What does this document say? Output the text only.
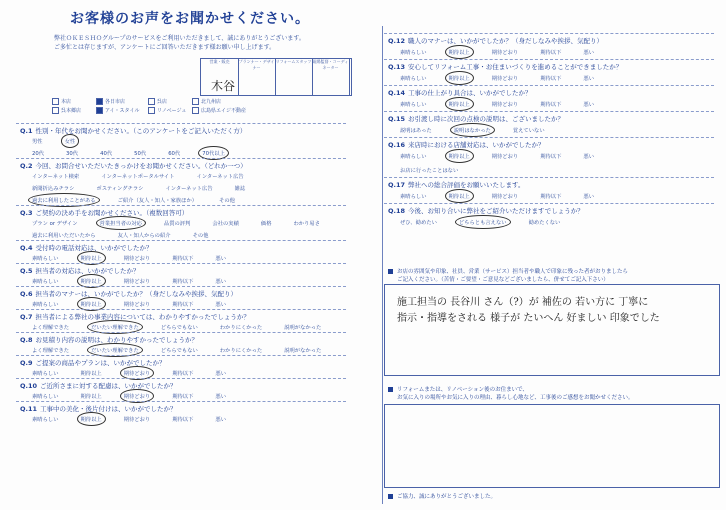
お客様のお声をお聞かせください。
弊社ＯＫＥＳＨＯグループのサービスをご利用いただきまして、誠にありがとうございます。
ご多忙とは存じますが、アンケートにご回答いただきます様お願い申し上げます。
営業・販売	プランナー・デザイナー
リフォームスタッフ 現場監督・コーディネーター
木谷
本店	各日市店	呉店	北九州店
呉本郷店	アイ・スタイル	リノベージュ	広島県エイジ不動産
Q.1 性別・年代をお聞かせください。（このアンケートをご記入いただく方）
男性	女性
20代	30代	40代	50代	60代	70代以上
Q.2 今回、お問合せいただいたきっかけをお聞かせください。（どれか一つ）
インターネット検索	インターネットポータルサイト	インターネット広告
新聞折込みチラシ	ポスティングチラシ	インターネット広告	雑誌
過去に利用したことがある	ご紹介（友人・知人・家族ほか）	その他
Q.3 ご契約の決め手をお聞かせください。（複数回答可）
プラン or デザイン	営業担当者の対応	品質の評判	会社の実績	価格	わかり易さ
過去に利用いただいたから	友人・知人からの紹介	その他
Q.4 受付時の電話対応は、いかがでしたか？
素晴らしい	期待以上	期待どおり	期待以下	悪い
Q.5 担当者の対応は、いかがでしたか？
素晴らしい	期待以上	期待どおり	期待以下	悪い
Q.6 担当者のマナーは、いかがでしたか？（身だしなみや挨拶、気配り）
素晴らしい	期待以上	期待どおり	期待以下	悪い
Q.7 担当者による弊社の事業内容については、わかりやすかったでしょうか？
よく理解できた	だいたい理解できた	どちらでもない	わかりにくかった	説明がなかった
Q.8 お見積り内容の説明は、わかりやすかったでしょうか？
よく理解できた	だいたい理解できた	どちらでもない	わかりにくかった	説明がなかった
Q.9 ご提案の商品やプランは、いかがでしたか？
素晴らしい	期待以上	期待どおり	期待以下	悪い
Q.10 ご近所さまに対する配慮は、いかがでしたか？
素晴らしい	期待以上	期待どおり	期待以下	悪い
Q.11 工事中の美化・後片付けは、いかがでしたか？
素晴らしい	期待以上	期待どおり	期待以下	悪い
Q.12 職人のマナーは、いかがでしたか？（身だしなみや挨拶、気配り）
素晴らしい	期待以上	期待どおり	期待以下	悪い
Q.13 安心してリフォーム工事・お住まいづくりを進めることができましたか？
素晴らしい	期待以上	期待どおり	期待以下	悪い
Q.14 工事の仕上がり具合は、いかがでしたか？
素晴らしい	期待以上	期待どおり	期待以下	悪い
Q.15 お引渡し時に次回の点検の説明は、ございましたか？
説明はあった	説明はなかった	覚えていない
Q.16 来店時における店舗対応は、いかがでしたか？
素晴らしい	期待以上	期待どおり	期待以下	悪い
お店に行ったことはない
Q.17 弊社への総合評価をお願いいたします。
素晴らしい	期待以上	期待どおり	期待以下	悪い
Q.18 今後、お知り合いに弊社をご紹介いただけますでしょうか？
ぜひ、勧めたい	どちらとも言えない	勧めたくない
お店の雰囲気や印象、社員、営業（サービス）担当者や職人で印象に残った者がおりましたら
ご記入ください。（苦情・ご要望・ご意見などございましたら、併せてご記入下さい）
施工担当の 長谷川 さん（?）が 補佐の 若い方に 丁寧に
指示・指導をされる 様子が たいへん 好ましい 印象でした
リフォームまたは、リノベーション後のお住まいで、
お気に入りの場所やお気に入りの理由、暮らし心地など、工事後のご感想をお聞かせください。
ご協力、誠にありがとうございました。
